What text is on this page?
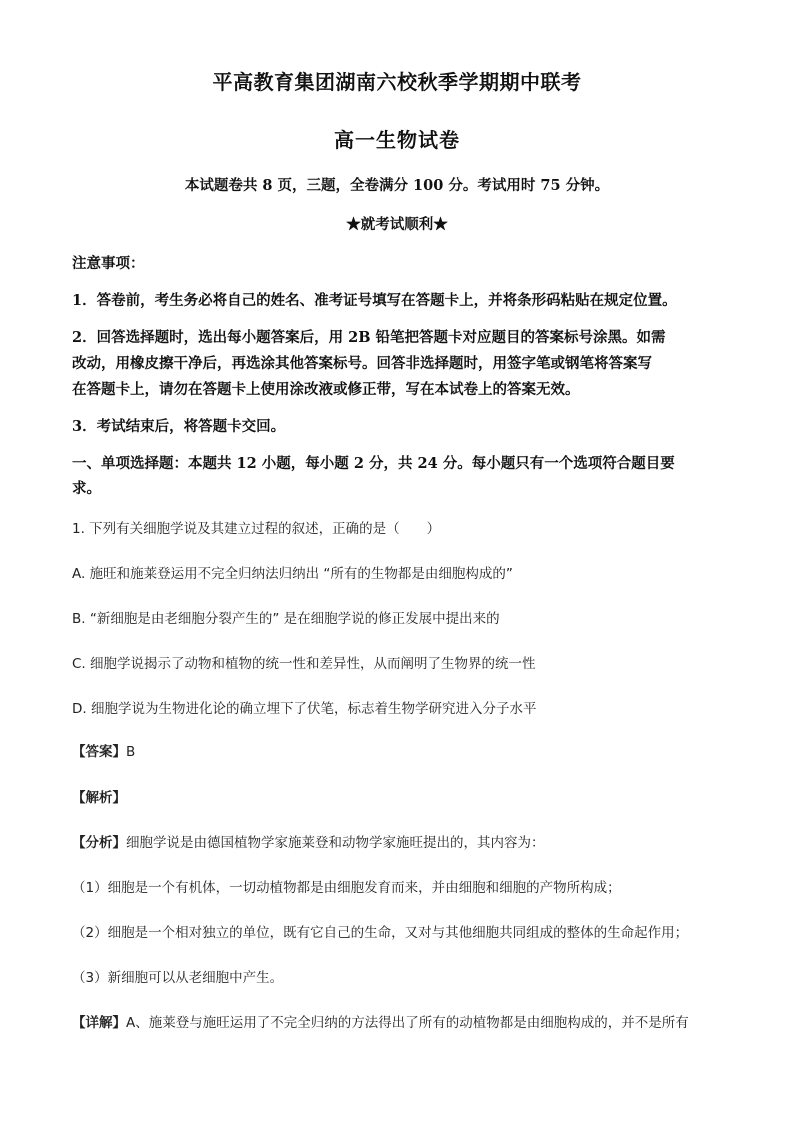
平高教育集团湖南六校秋季学期期中联考
高一生物试卷
本试题卷共 8 页，三题，全卷满分 100 分。考试用时 75 分钟。
★就考试顺利★
注意事项：
1．答卷前，考生务必将自己的姓名、准考证号填写在答题卡上，并将条形码粘贴在规定位置。
2．回答选择题时，选出每小题答案后，用 2B 铅笔把答题卡对应题目的答案标号涂黑。如需
改动，用橡皮擦干净后，再选涂其他答案标号。回答非选择题时，用签字笔或钢笔将答案写
在答题卡上，请勿在答题卡上使用涂改液或修正带，写在本试卷上的答案无效。
3．考试结束后，将答题卡交回。
一、单项选择题：本题共 12 小题，每小题 2 分，共 24 分。每小题只有一个选项符合题目要
求。
1. 下列有关细胞学说及其建立过程的叙述，正确的是（　　）
A. 施旺和施莱登运用不完全归纳法归纳出 “所有的生物都是由细胞构成的”
B. “新细胞是由老细胞分裂产生的” 是在细胞学说的修正发展中提出来的
C. 细胞学说揭示了动物和植物的统一性和差异性，从而阐明了生物界的统一性
D. 细胞学说为生物进化论的确立埋下了伏笔，标志着生物学研究进入分子水平
【答案】B
【解析】
【分析】细胞学说是由德国植物学家施莱登和动物学家施旺提出的，其内容为：
（1）细胞是一个有机体，一切动植物都是由细胞发育而来，并由细胞和细胞的产物所构成；
（2）细胞是一个相对独立的单位，既有它自己的生命，又对与其他细胞共同组成的整体的生命起作用；
（3）新细胞可以从老细胞中产生。
【详解】A、施莱登与施旺运用了不完全归纳的方法得出了所有的动植物都是由细胞构成的，并不是所有
